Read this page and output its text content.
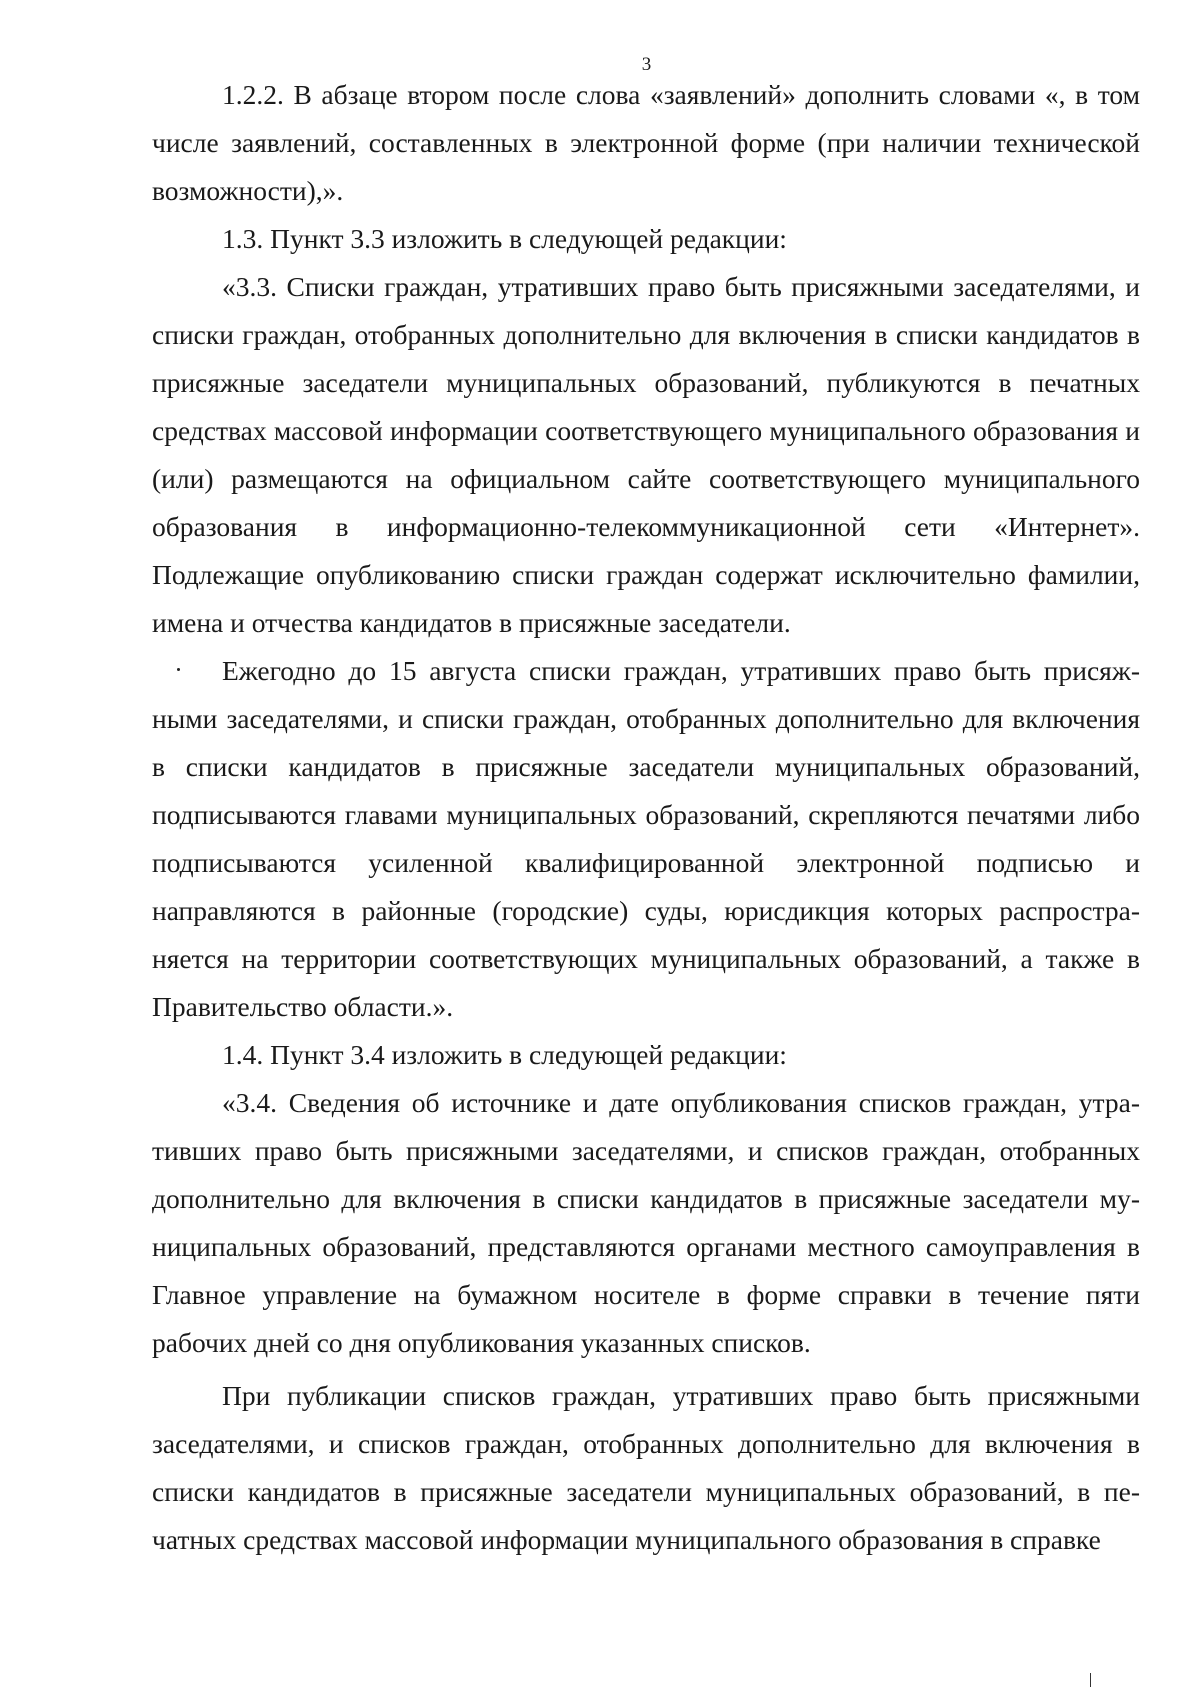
3

1.2.2. В абзаце втором после слова «заявлений» дополнить словами «, в том числе заявлений, составленных в электронной форме (при наличии технической возможности),».

1.3. Пункт 3.3 изложить в следующей редакции:

«3.3. Списки граждан, утративших право быть присяжными заседателями, и списки граждан, отобранных дополнительно для включения в списки кандидатов в присяжные заседатели муниципальных образований, публикуются в печатных средствах массовой информации соответствующего муниципального образования и (или) размещаются на официальном сайте соответствующего муниципального образования в информационно-телекоммуникационной сети «Интернет». Подлежащие опубликованию списки граждан содержат исключительно фамилии, имена и отчества кандидатов в присяжные заседатели.

Ежегодно до 15 августа списки граждан, утративших право быть присяжными заседателями, и списки граждан, отобранных дополнительно для включения в списки кандидатов в присяжные заседатели муниципальных образований, подписываются главами муниципальных образований, скрепляются печатями либо подписываются усиленной квалифицированной электронной подписью и направляются в районные (городские) суды, юрисдикция которых распространяется на территории соответствующих муниципальных образований, а также в Правительство области.».

1.4. Пункт 3.4 изложить в следующей редакции:

«3.4. Сведения об источнике и дате опубликования списков граждан, утративших право быть присяжными заседателями, и списков граждан, отобранных дополнительно для включения в списки кандидатов в присяжные заседатели муниципальных образований, представляются органами местного самоуправления в Главное управление на бумажном носителе в форме справки в течение пяти рабочих дней со дня опубликования указанных списков.

При публикации списков граждан, утративших право быть присяжными заседателями, и списков граждан, отобранных дополнительно для включения в списки кандидатов в присяжные заседатели муниципальных образований, в печатных средствах массовой информации муниципального образования в справке
